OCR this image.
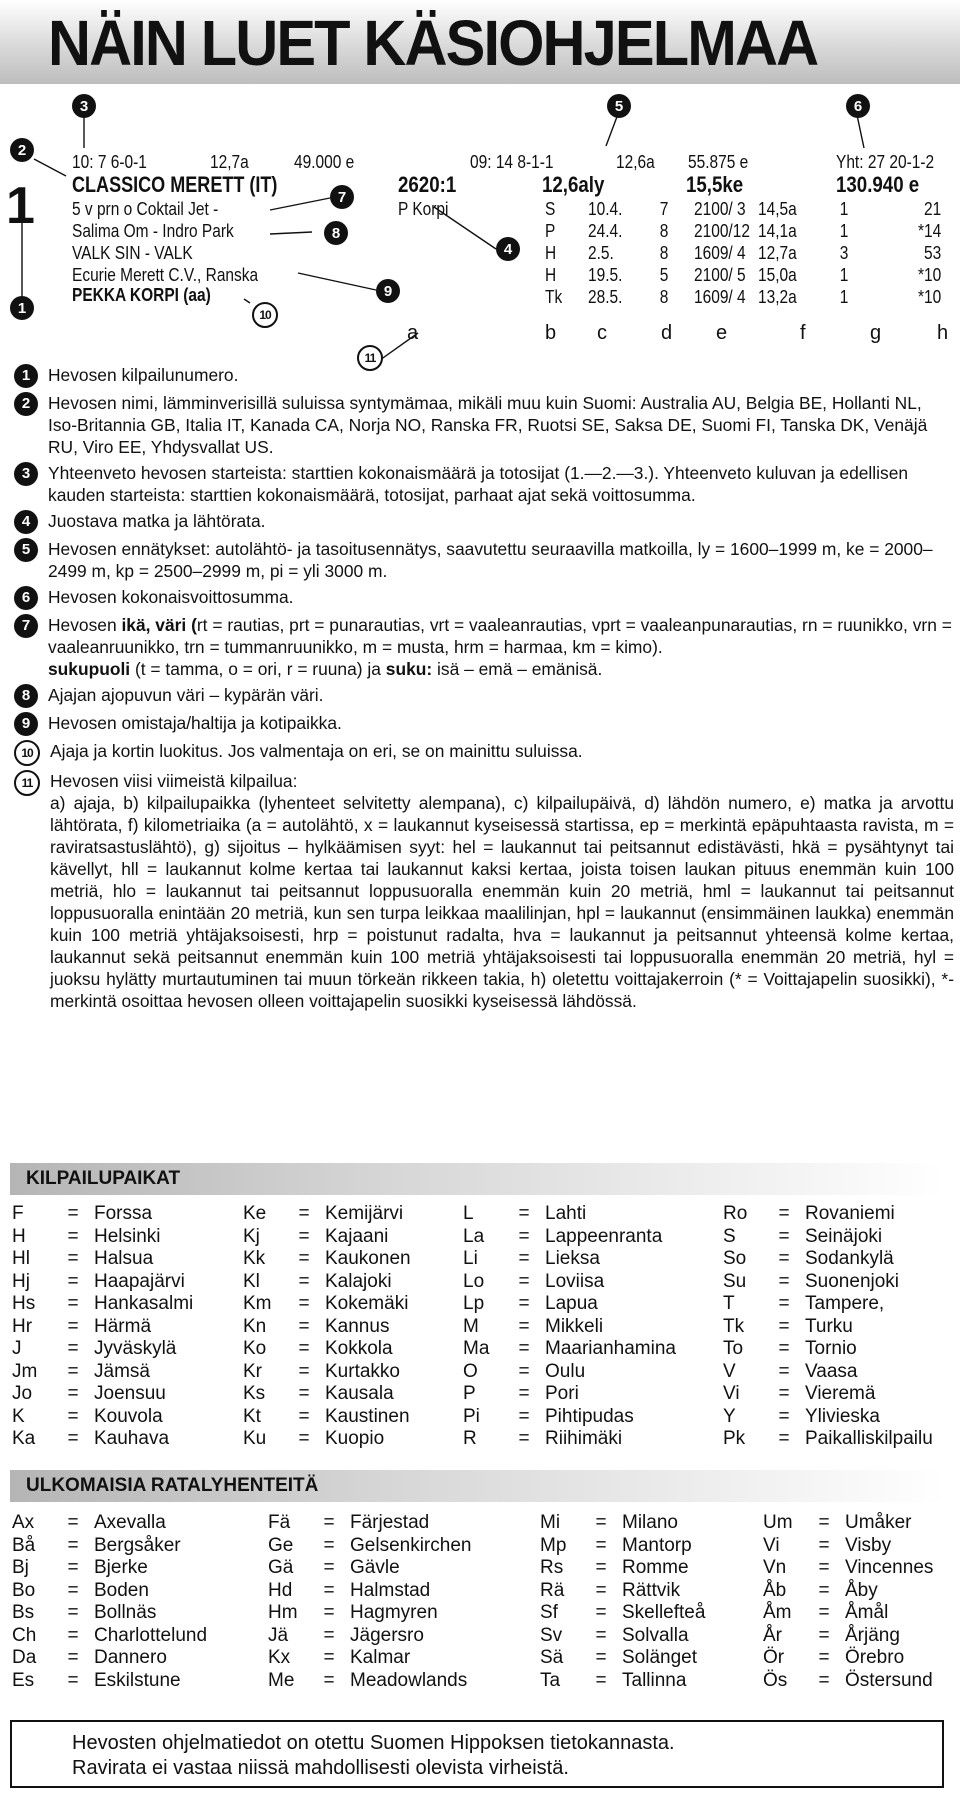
NÄIN LUET KÄSIOHJELMAA
3	5	6
2
1
7
8
4
9
10
11
1
10: 7 6-0-1	12,7a	49.000 e	09: 14 8-1-1	12,6a 55.875 e	Yht: 27 20-1-2
CLASSICO MERETT (IT)	2620:1	12,6aly	15,5ke	130.940 e
5 v prn o Coktail Jet -
Salima Om - Indro Park
VALK SIN - VALK
Ecurie Merett C.V., Ranska
PEKKA KORPI (aa)
P Korpi	S 10.4. 7 2100/ 3 14,5a 1	21
P 24.4. 8 2100/12 14,1a 1	*14
H 2.5.	8 1609/ 4 12,7a 3	53
H 19.5. 5 2100/ 5 15,0a 1	*10
Tk 28.5. 8 1609/ 4 13,2a 1	*10
a	b c	d e	f	g	h
1	Hevosen kilpailunumero.
2	Hevosen nimi, lämminverisillä suluissa syntymämaa, mikäli muu kuin Suomi: Australia AU, Belgia BE, Hollanti NL, Iso-Britannia GB, Italia IT, Kanada CA, Norja NO, Ranska FR, Ruotsi SE, Saksa DE, Suomi FI, Tanska DK, Venäjä RU, Viro EE, Yhdysvallat US.
3	Yhteenveto hevosen starteista: starttien kokonaismäärä ja totosijat (1.—2.—3.). Yhteenveto kuluvan ja edellisen kauden starteista: starttien kokonaismäärä, totosijat, parhaat ajat sekä voittosumma.
4	Juostava matka ja lähtörata.
5	Hevosen ennätykset: autolähtö- ja tasoitusennätys, saavutettu seuraavilla matkoilla, ly = 1600–1999 m, ke = 2000–2499 m, kp = 2500–2999 m, pi = yli 3000 m.
6	Hevosen kokonaisvoittosumma.
7	Hevosen ikä, väri (rt = rautias, prt = punarautias, vrt = vaaleanrautias, vprt = vaaleanpunarautias, rn = ruunikko, vrn = vaaleanruunikko, trn = tummanruunikko, m = musta, hrm = harmaa, km = kimo).
sukupuoli (t = tamma, o = ori, r = ruuna) ja suku: isä – emä – emänisä.
8	Ajajan ajopuvun väri – kypärän väri.
9	Hevosen omistaja/haltija ja kotipaikka.
10 Ajaja ja kortin luokitus. Jos valmentaja on eri, se on mainittu suluissa.
11	Hevosen viisi viimeistä kilpailua:
a) ajaja, b) kilpailupaikka (lyhenteet selvitetty alempana), c) kilpailupäivä, d) lähdön numero, e) matka ja arvottu lähtörata, f) kilometriaika (a = autolähtö, x = laukannut kyseisessä startissa, ep = merkintä epäpuhtaasta ravista, m = raviratsastuslähtö), g) sijoitus – hylkäämisen syyt: hel = laukannut tai peitsannut edistävästi, hkä = pysähtynyt tai kävellyt, hll = laukannut kolme kertaa tai laukannut kaksi kertaa, joista toisen laukan pituus enemmän kuin 100 metriä, hlo = laukannut tai peitsannut loppusuoralla enemmän kuin 20 metriä, hml = laukannut tai peitsannut loppusuoralla enintään 20 metriä, kun sen turpa leikkaa maalilinjan, hpl = laukannut (ensimmäinen laukka) enemmän kuin 100 metriä yhtäjaksoisesti, hrp = poistunut radalta, hva = laukannut ja peitsannut yhteensä kolme kertaa, laukannut sekä peitsannut enemmän kuin 100 metriä yhtäjaksoisesti tai loppusuoralla enemmän 20 metriä, hyl = juoksu hylätty murtautuminen tai muun törkeän rikkeen takia, h) oletettu voittajakerroin (* = Voittajapelin suosikki), *-merkintä osoittaa hevosen olleen voittajapelin suosikki kyseisessä lähdössä.
KILPAILUPAIKAT
F	= Forssa
H	= Helsinki
Hl	= Halsua
Hj	= Haapajärvi
Hs	= Hankasalmi
Hr	= Härmä
J	= Jyväskylä
Jm	= Jämsä
Jo	= Joensuu
K	= Kouvola
Ka	= Kauhava
Ke	= Kemijärvi
Kj	= Kajaani
Kk	= Kaukonen
Kl	= Kalajoki
Km	= Kokemäki
Kn	= Kannus
Ko	= Kokkola
Kr	= Kurtakko
Ks	= Kausala
Kt	= Kaustinen
Ku	= Kuopio
L	= Lahti
La	= Lappeenranta
Li	= Lieksa
Lo	= Loviisa
Lp	= Lapua
M	= Mikkeli
Ma	= Maarianhamina
O	= Oulu
P	= Pori
Pi	= Pihtipudas
R	= Riihimäki
Ro	= Rovaniemi
S	= Seinäjoki
So	= Sodankylä
Su	= Suonenjoki
T	= Tampere,
Tk	= Turku
To	= Tornio
V	= Vaasa
Vi	= Vieremä
Y	= Ylivieska
Pk	= Paikalliskilpailu
ULKOMAISIA RATALYHENTEITÄ
Ax	= Axevalla
Bå	= Bergsåker
Bj	= Bjerke
Bo	= Boden
Bs	= Bollnäs
Ch	= Charlottelund
Da	= Dannero
Es	= Eskilstune
Fä	= Färjestad
Ge	= Gelsenkirchen
Gä	= Gävle
Hd	= Halmstad
Hm	= Hagmyren
Jä	= Jägersro
Kx	= Kalmar
Me	= Meadowlands
Mi	= Milano
Mp	= Mantorp
Rs	= Romme
Rä	= Rättvik
Sf	= Skellefteå
Sv	= Solvalla
Sä	= Solänget
Ta	= Tallinna
Um	= Umåker
Vi	= Visby
Vn	= Vincennes
Åb	= Åby
Åm	= Åmål
År	= Årjäng
Ör	= Örebro
Ös	= Östersund
Hevosten ohjelmatiedot on otettu Suomen Hippoksen tietokannasta.
Ravirata ei vastaa niissä mahdollisesti olevista virheistä.
